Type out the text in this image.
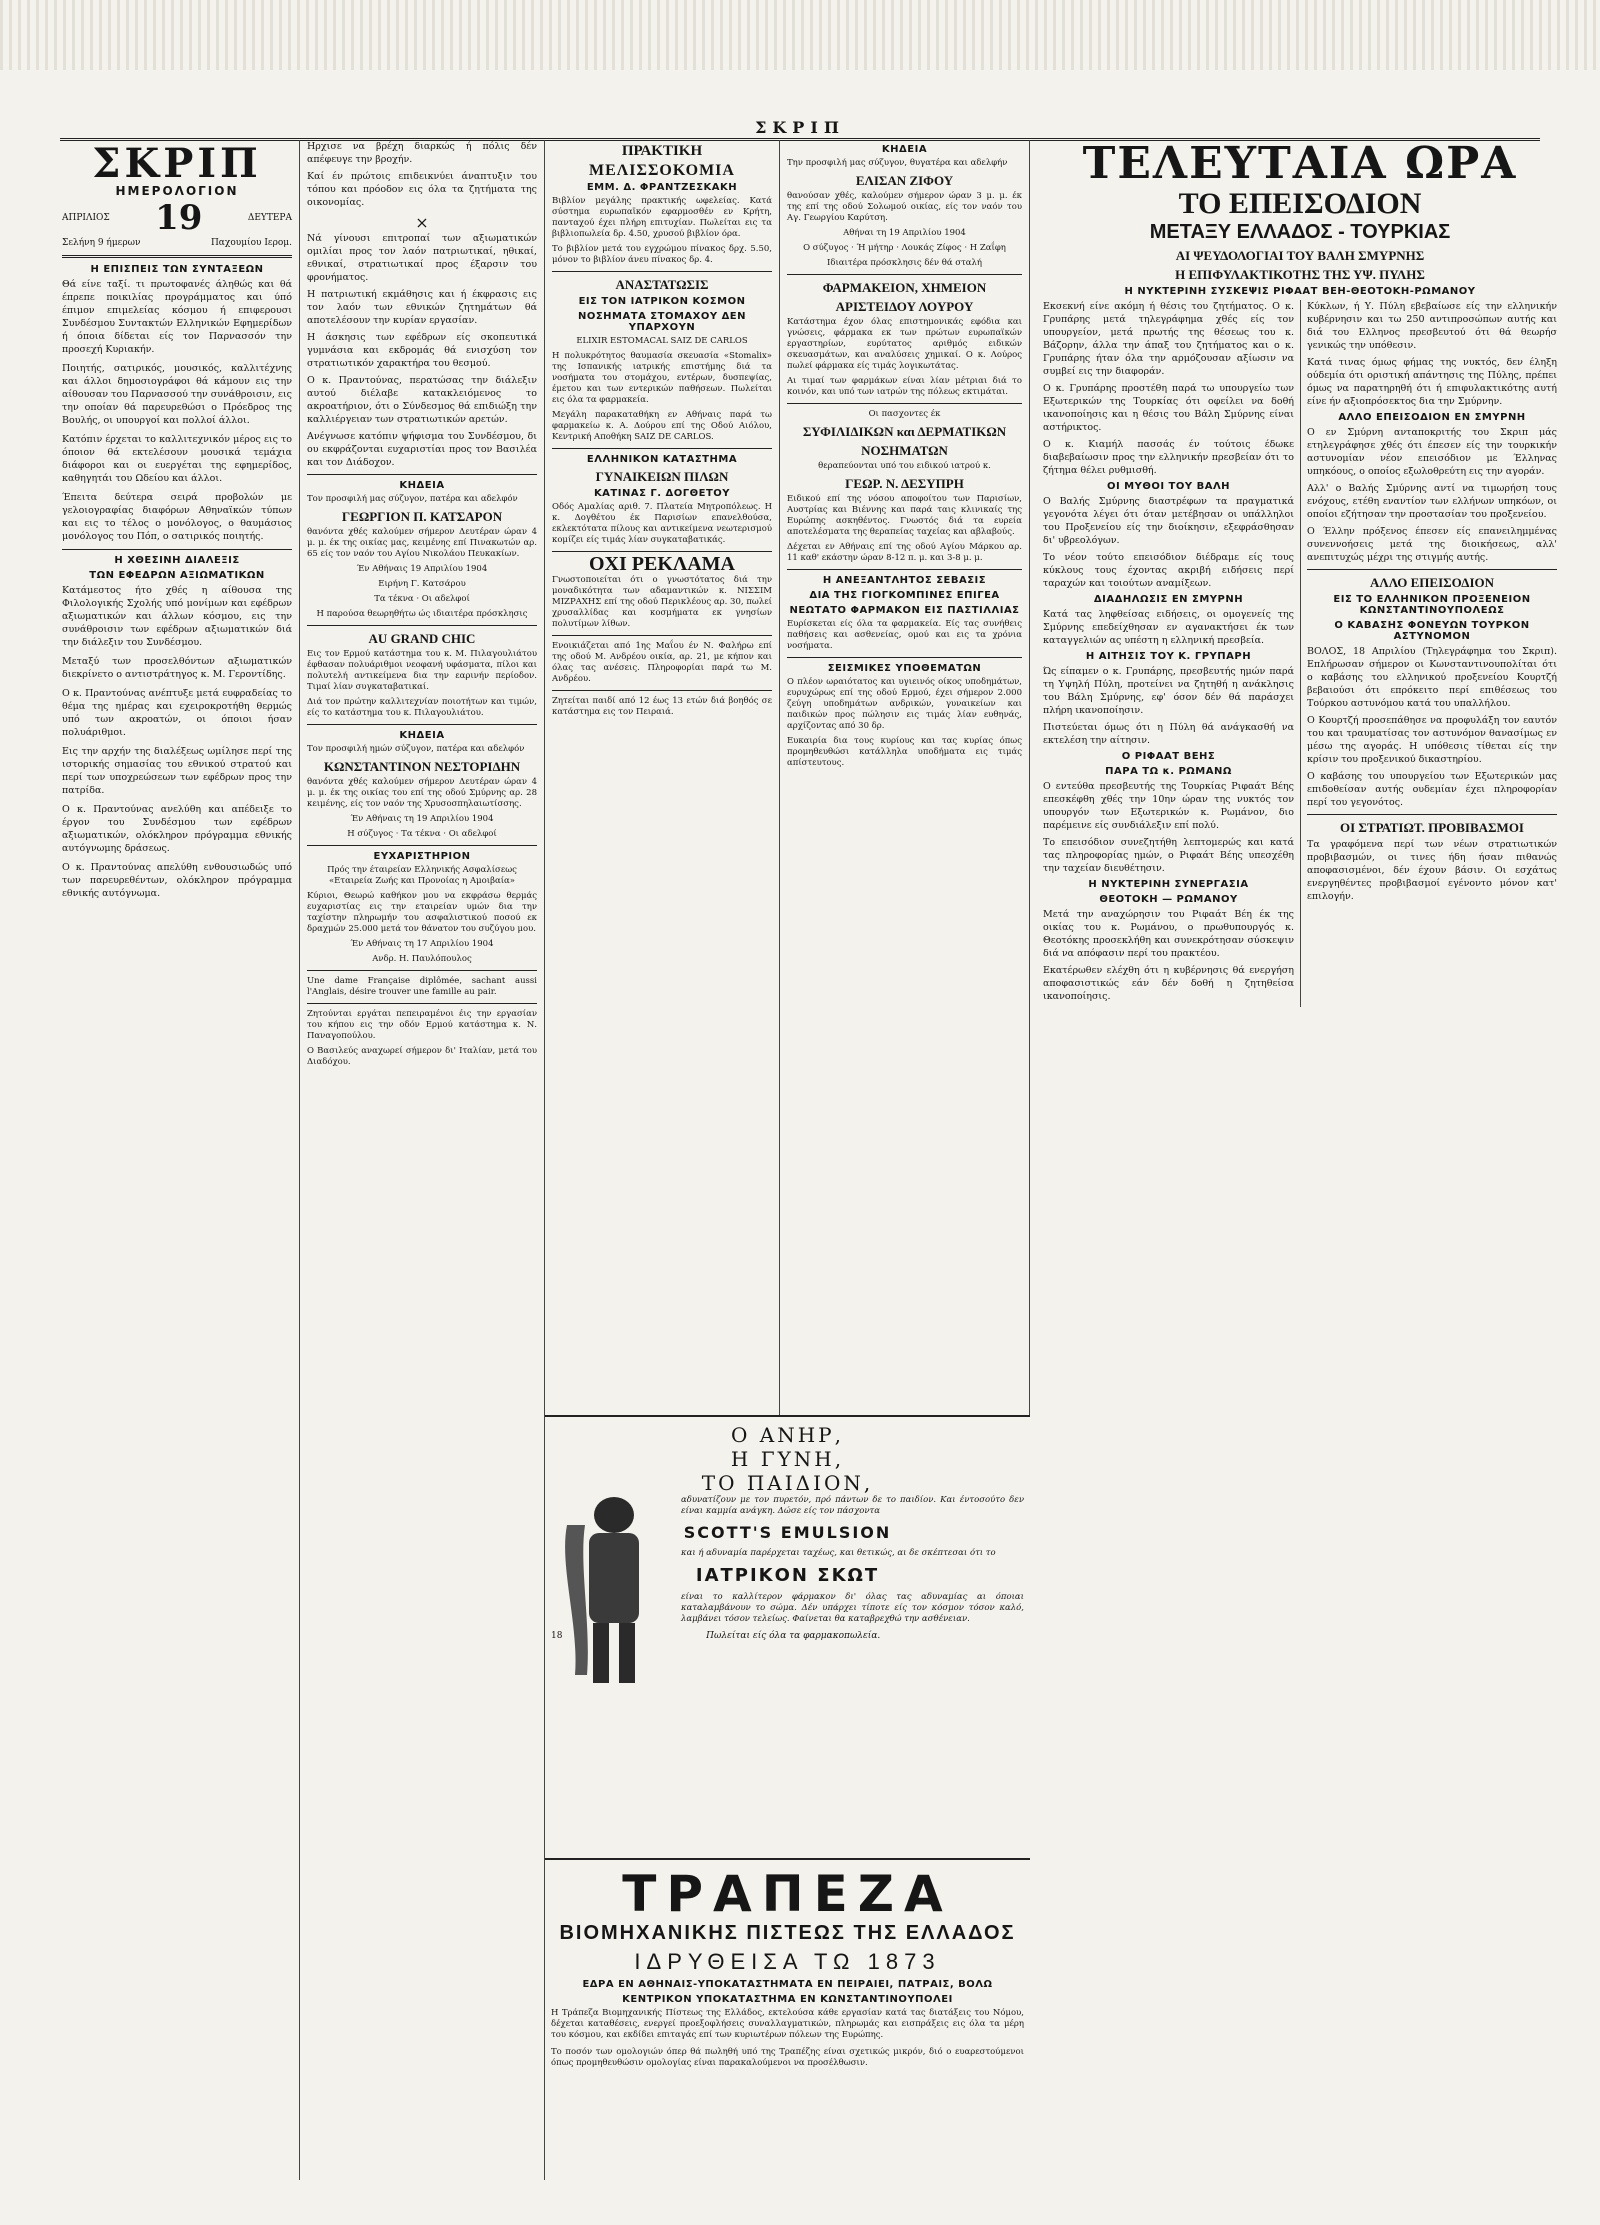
ΣΚΡΙΠ
ΣΚΡΙΠ
ΗΜΕΡΟΛΟΓΙΟΝ
ΑΠΡΙΛΙΟΣ 19	ΔΕΥΤΕΡΑ
Σελήνη 9 ήμερων	Παχουμίου Ιερομ.
Η ΕΠΙΣΠΕΙΣ ΤΩΝ ΣΥΝΤΑΞΕΩΝ

Θά είνε ταξί. τι πρωτοφανές άληθώς και θά έπρεπε ποικιλίας προγράμματος και ύπό έπιμον επιμελείας κόσμου ή επιφερουσι Συνδέσμου Συντακτών Ελληνικών Εφημερίδων ή όποια δίδεται είς τον Παρνασσόν την προσεχή Κυριακήν.

Ποιητής, σατιρικός, μουσικός, καλλιτέχνης και άλλοι δημοσιογράφοι θά κάμουν εις την αίθουσαν του Παρνασσού την συνάθροισιν, εις την οποίαν θά παρευρεθώσι ο Πρόεδρος της Βουλής, οι υπουργοί και πολλοί άλλοι.

Κατόπιν έρχεται το καλλιτεχνικόν μέρος εις το όποιον θά εκτελέσουν μουσικά τεμάχια διάφοροι και οι ευεργέται της εφημερίδος, καθηγητάι του Ωδείου και άλλοι.

Έπειτα δεύτερα σειρά προβολών με γελοιογραφίας διαφόρων Αθηναϊκών τύπων και εις το τέλος ο μονόλογος, ο θαυμάσιος μονόλογος του Πόπ, ο σατιρικός ποιητής.

Η ΧΘΕΣΙΝΗ ΔΙΑΛΕΞΙΣ
ΤΩΝ ΕΦΕΔΡΩΝ ΑΞΙΩΜΑΤΙΚΩΝ

Κατάμεστος ήτο χθές η αίθουσα της Φιλολογικής Σχολής υπό μονίμων και εφέδρων αξιωματικών και άλλων κόσμου, εις την συνάθροισιν των εφέδρων αξιωματικών διά την διάλεξιν του Συνδέσμου.

Μεταξύ των προσελθόντων αξιωματικών διεκρίνετο ο αντιστράτηγος κ. Μ. Γεροντίδης.

Ο κ. Πραντούνας ανέπτυξε μετά ευφραδείας το θέμα της ημέρας και εχειροκροτήθη θερμώς υπό των ακροατών, οι όποιοι ήσαν πολυάριθμοι.

Εις την αρχήν της διαλέξεως ωμίλησε περί της ιστορικής σημασίας του εθνικού στρατού και περί των υποχρεώσεων των εφέδρων προς την πατρίδα.

Ο κ. Πραντούνας ανελύθη και απέδειξε το έργον του Συνδέσμου των εφέδρων αξιωματικών, ολόκληρον πρόγραμμα εθνικής αυτόγνωμης δράσεως.

Ο κ. Πραντούνας απελύθη ενθουσιωδώς υπό των παρευρεθέντων, ολόκληρον πρόγραμμα εθνικής αυτόγνωμα.

Ηρχισε να βρέχη διαρκώς ή πόλις δέν απέφευγε την βροχήν.

Καί έν πρώτοις επιδεικνύει άναπτυξιν του τόπου και πρόοδον εις όλα τα ζητήματα της οικονομίας.

×

Νά γίνουσι επιτροπαί των αξιωματικών ομιλίαι προς τον λαόν πατριωτικαί, ηθικαί, εθνικαί, στρατιωτικαί προς έξαρσιν του φρονήματος.

Η πατριωτική εκμάθησις και ή έκφρασις εις τον λαόν των εθνικών ζητημάτων θά αποτελέσουν την κυρίαν εργασίαν.

Η άσκησις των εφέδρων είς σκοπευτικά γυμνάσια και εκδρομάς θά ενισχύση τον στρατιωτικόν χαρακτήρα του θεσμού.

Ο κ. Πραντούνας, περατώσας την διάλεξιν αυτού διέλαβε κατακλειόμενος το ακροατήριον, ότι ο Σύνδεσμος θά επιδιώξη την καλλιέργειαν των στρατιωτικών αρετών.

Ανέγνωσε κατόπιν ψήφισμα του Συνδέσμου, δι ου εκφράζονται ευχαριστίαι προς τον Βασιλέα και τον Διάδοχον.

ΚΗΔΕΙΑ

Τον προσφιλή μας σύζυγον, πατέρα και αδελφόν

ΓΕΩΡΓΙΟΝ Π. ΚΑΤΣΑΡΟΝ

θανόντα χθές καλούμεν σήμερον Δευτέραν ώραν 4 μ. μ. έκ της οικίας μας, κειμένης επί Πινακωτών αρ. 65 είς τον ναόν του Αγίου Νικολάου Πευκακίων.

Έν Αθήναις 19 Απριλίου 1904

Ειρήνη Γ. Κατσάρου

Τα τέκνα · Οι αδελφοί

Η παρούσα θεωρηθήτω ώς ιδιαιτέρα πρόσκλησις

AU GRAND CHIC

Εις τον Ερμού κατάστημα του κ. Μ. Πιλαγουλιάτου έφθασαν πολυάριθμοι νεοφανή υφάσματα, πίλοι και πολυτελή αντικείμενα δια την εαρινήν περίοδον. Τιμαί λίαν συγκαταβατικαί.

Διά τον πρώτην καλλιτεχνίαν ποιοτήτων και τιμών, είς το κατάστημα του κ. Πιλαγουλιάτου.

ΚΗΔΕΙΑ

Τον προσφιλή ημών σύζυγον, πατέρα και αδελφόν

ΚΩΝΣΤΑΝΤΙΝΟΝ ΝΕΣΤΟΡΙΔΗΝ

θανόντα χθές καλούμεν σήμερον Δευτέραν ώραν 4 μ. μ. έκ της οικίας του επί της οδού Σμύρνης αρ. 28 κειμένης, είς τον ναόν της Χρυσοσπηλαιωτίσσης.

Έν Αθήναις τη 19 Απριλίου 1904

Η σύζυγος · Τα τέκνα · Οι αδελφοί

ΕΥΧΑΡΙΣΤΗΡΙΟΝ

Πρός την έταιρείαν Ελληνικής Ασφαλίσεως «Εταιρεία Ζωής και Προνοίας η Αμοιβαία»

Κύριοι, Θεωρώ καθήκον μου να εκφράσω θερμάς ευχαριστίας εις την εταιρείαν υμών δια την ταχίστην πληρωμήν του ασφαλιστικού ποσού εκ δραχμών 25.000 μετά τον θάνατον του συζύγου μου.

Έν Αθήναις τη 17 Απριλίου 1904

Ανδρ. Η. Παυλόπουλος

Une dame Française diplômée, sachant aussi l'Anglais, désire trouver une famille au pair.

Ζητούνται εργάται πεπειραμένοι έις την εργασίαν του κήπου εις την οδόν Ερμού κατάστημα κ. Ν. Παναγοπούλου.

Ο Βασιλεύς αναχωρεί σήμερον δι' Ιταλίαν, μετά του Διαδόχου.

ΠΡΑΚΤΙΚΗ
ΜΕΛΙΣΣΟΚΟΜΙΑ
ΕΜΜ. Δ. ΦΡΑΝΤΖΕΣΚΑΚΗ

Βιβλίον μεγάλης πρακτικής ωφελείας. Κατά σύστημα ευρωπαϊκόν εφαρμοσθέν εν Κρήτη, πανταχού έχει πλήρη επιτυχίαν. Πωλείται εις τα βιβλιοπωλεία δρ. 4.50, χρυσού βιβλίον όρα.

Το βιβλίον μετά του εγχρώμου πίνακος δρχ. 5.50, μόνον το βιβλίον άνευ πίνακος δρ. 4.

ΑΝΑΣΤΑΤΩΣΙΣ
ΕΙΣ ΤΟΝ ΙΑΤΡΙΚΟΝ ΚΟΣΜΟΝ
ΝΟΣΗΜΑΤΑ ΣΤΟΜΑΧΟΥ ΔΕΝ ΥΠΑΡΧΟΥΝ

ELIXIR ESTOMACAL SAIZ DE CARLOS

Η πολυκρότητος θαυμασία σκευασία «Stomalix» της Ισπανικής ιατρικής επιστήμης διά τα νοσήματα του στομάχου, εντέρων, δυσπεψίας, έμετου και των εντερικών παθήσεων. Πωλείται εις όλα τα φαρμακεία.

Μεγάλη παρακαταθήκη εν Αθήναις παρά τω φαρμακείω κ. Α. Δούρου επί της Οδού Αιόλου, Κεντρική Αποθήκη SAIZ DE CARLOS.

ΕΛΛΗΝΙΚΟΝ ΚΑΤΑΣΤΗΜΑ
ΓΥΝΑΙΚΕΙΩΝ ΠΙΛΩΝ
ΚΑΤΙΝΑΣ Γ. ΔΟΓΘΕΤΟΥ

Οδός Αμαλίας αριθ. 7. Πλατεία Μητροπόλεως. Η κ. Δογθέτου έκ Παρισίων επανελθούσα, εκλεκτότατα πίλους και αντικείμενα νεωτερισμού κομίζει είς τιμάς λίαν συγκαταβατικάς.

ΟΧΙ ΡΕΚΛΑΜΑ

Γνωστοποιείται ότι ο γνωστότατος διά την μοναδικότητα των αδαμαντικών κ. ΝΙΣΣΙΜ ΜΙΖΡΑΧΗΣ επί της οδού Περικλέους αρ. 30, πωλεί χρυσαλλίδας και κοσμήματα εκ γνησίων πολυτίμων λίθων.

Ενοικιάζεται από 1ης Μαΐου έν Ν. Φαλήρω επί της οδού Μ. Ανδρέου οικία, αρ. 21, με κήπον και όλας τας ανέσεις. Πληροφορίαι παρά τω Μ. Ανδρέου.

Ζητείται παιδί από 12 έως 13 ετών διά βοηθός σε κατάστημα εις τον Πειραιά.

ΚΗΔΕΙΑ

Την προσφιλή μας σύζυγον, θυγατέρα και αδελφήν

ΕΛΙΣΑΝ ΖΙΦΟΥ

θανούσαν χθές, καλούμεν σήμερον ώραν 3 μ. μ. έκ της επί της οδού Σολωμού οικίας, είς τον ναόν του Αγ. Γεωργίου Καρύτση.

Αθήναι τη 19 Απριλίου 1904

Ο σύζυγος · Ή μήτηρ · Λουκάς Ζίφος · Η Ζαΐφη

Ιδιαιτέρα πρόσκλησις δέν θά σταλή

ΦΑΡΜΑΚΕΙΟΝ, ΧΗΜΕΙΟΝ
ΑΡΙΣΤΕΙΔΟΥ ΛΟΥΡΟΥ

Κατάστημα έχον όλας επιστημονικάς εφόδια και γνώσεις, φάρμακα εκ των πρώτων ευρωπαϊκών εργαστηρίων, ευρύτατος αριθμός ειδικών σκευασμάτων, και αναλύσεις χημικαί. Ο κ. Λούρος πωλεί φάρμακα είς τιμάς λογικωτάτας.

Αι τιμαί των φαρμάκων είναι λίαν μέτριαι διά το κοινόν, και υπό των ιατρών της πόλεως εκτιμάται.

Οι πασχοντες έκ

ΣΥΦΙΛΙΔΙΚΩΝ και ΔΕΡΜΑΤΙΚΩΝ
ΝΟΣΗΜΑΤΩΝ

θεραπεύονται υπό του ειδικού ιατρού κ.

ΓΕΩΡ. Ν. ΔΕΣΥΠΡΗ

Ειδικού επί της νόσου αποφοίτου των Παρισίων, Αυστρίας και Βιέννης και παρά ταις κλινικαίς της Ευρώπης ασκηθέντος. Γνωστός διά τα ευρεία αποτελέσματα της θεραπείας ταχείας και αβλαβούς.

Δέχεται εν Αθήναις επί της οδού Αγίου Μάρκου αρ. 11 καθ' εκάστην ώραν 8-12 π. μ. και 3-8 μ. μ.

Η ΑΝΕΞΑΝΤΛΗΤΟΣ ΣΕΒΑΣΙΣ
ΔΙΑ ΤΗΣ ΓΙΟΓΚΟΜΠΙΝΕΣ ΕΠΙΓΕΑ
ΝΕΩΤΑΤΟ ΦΑΡΜΑΚΟΝ ΕΙΣ ΠΑΣΤΙΛΛΙΑΣ

Ευρίσκεται είς όλα τα φαρμακεία. Είς τας συνήθεις παθήσεις και ασθενείας, ομού και εις τα χρόνια νοσήματα.

ΣΕΙΣΜΙΚΕΣ ΥΠΟΘΕΜΑΤΩΝ

Ο πλέον ωραιότατος και υγιεινός οίκος υποδημάτων, ευρυχώρως επί της οδού Ερμού, έχει σήμερον 2.000 ζεύγη υποδημάτων ανδρικών, γυναικείων και παιδικών προς πώλησιν εις τιμάς λίαν ευθηνάς, αρχίζοντας από 30 δρ.

Ευκαιρία δια τους κυρίους και τας κυρίας όπως προμηθευθώσι κατάλληλα υποδήματα εις τιμάς απίστευτους.

Ο ΑΝΗΡ,
Η ΓΥΝΗ,
ΤΟ ΠΑΙΔΙΟΝ,

αδυνατίζουν με τον πυρετόν, πρό πάντων δε το παιδίον. Και έντοσούτο δεν είναι καμμία ανάγκη. Δώσε είς τον πάσχοντα

SCOTT'S EMULSION

και ή αδυναμία παρέρχεται ταχέως, και θετικώς, αι δε σκέπτεσαι ότι το

ΙΑΤΡΙΚΟΝ ΣΚΩΤ

είναι το καλλίτερον φάρμακον δι' όλας τας αδυναμίας αι όποιαι καταλαμβάνουν το σώμα. Δέν υπάρχει τίποτε είς τον κόσμον τόσον καλό, λαμβάνει τόσον τελείως. Φαίνεται θα καταβρεχθώ την ασθένειαν.

18	Πωλείται είς όλα τα φαρμακοπωλεία.
ΤΡΑΠΕΖΑ
ΒΙΟΜΗΧΑΝΙΚΗΣ ΠΙΣΤΕΩΣ ΤΗΣ ΕΛΛΑΔΟΣ
ΙΔΡΥΘΕΙΣΑ ΤΩ 1873
ΕΔΡΑ ΕΝ ΑΘΗΝΑΙΣ-ΥΠΟΚΑΤΑΣΤΗΜΑΤΑ ΕΝ ΠΕΙΡΑΙΕΙ, ΠΑΤΡΑΙΣ, ΒΟΛΩ
ΚΕΝΤΡΙΚΟΝ ΥΠΟΚΑΤΑΣΤΗΜΑ ΕΝ ΚΩΝΣΤΑΝΤΙΝΟΥΠΟΛΕΙ

Η Τράπεζα Βιομηχανικής Πίστεως της Ελλάδος, εκτελούσα κάθε εργασίαν κατά τας διατάξεις του Νόμου, δέχεται καταθέσεις, ενεργεί προεξοφλήσεις συναλλαγματικών, πληρωμάς και εισπράξεις εις όλα τα μέρη του κόσμου, και εκδίδει επιταγάς επί των κυριωτέρων πόλεων της Ευρώπης.

Το ποσόν των ομολογιών όπερ θά πωληθή υπό της Τραπέζης είναι σχετικώς μικρόν, διό ο ευαρεστούμενοι όπως προμηθευθώσιν ομολογίας είναι παρακαλούμενοι να προσέλθωσιν.

ΤΕΛΕΥΤΑΙΑ ΩΡΑ
ΤΟ ΕΠΕΙΣΟΔΙΟΝ
ΜΕΤΑΞΥ ΕΛΛΑΔΟΣ - ΤΟΥΡΚΙΑΣ
ΑΙ ΨΕΥΔΟΛΟΓΙΑΙ ΤΟΥ ΒΑΛΗ ΣΜΥΡΝΗΣ
Η ΕΠΙΦΥΛΑΚΤΙΚΟΤΗΣ ΤΗΣ ΥΨ. ΠΥΛΗΣ
Η ΝΥΚΤΕΡΙΝΗ ΣΥΣΚΕΨΙΣ ΡΙΦΑΑΤ ΒΕΗ-ΘΕΟΤΟΚΗ-ΡΩΜΑΝΟΥ

Εκσεκνή είνε ακόμη ή θέσις του ζητήματος. Ο κ. Γρυπάρης μετά τηλεγράφημα χθές είς τον υπουργείον, μετά πρωτής της θέσεως του κ. Βάζορην, άλλα την άπαξ του ζητήματος και ο κ. Γρυπάρης ήταν όλα την αρμόζουσαν αξίωσιν να συμβεί εις την διαφοράν.

Ο κ. Γρυπάρης προστέθη παρά τω υπουργείω των Εξωτερικών της Τουρκίας ότι οφείλει να δοθή ικανοποίησις και η θέσις του Βάλη Σμύρνης είναι αστήρικτος.

Ο κ. Κιαμήλ πασσάς έν τούτοις έδωκε διαβεβαίωσιν προς την ελληνικήν πρεσβείαν ότι το ζήτημα θέλει ρυθμισθή.

ΟΙ ΜΥΘΟΙ ΤΟΥ ΒΑΛΗ

Ο Βαλής Σμύρνης διαστρέφων τα πραγματικά γεγονότα λέγει ότι όταν μετέβησαν οι υπάλληλοι του Προξενείου είς την διοίκησιν, εξεφράσθησαν δι' υβρεολόγων.

Το νέον τούτο επεισόδιον διέδραμε είς τους κύκλους τους έχοντας ακριβή ειδήσεις περί ταραχών και τοιούτων αναμίξεων.

ΔΙΑΔΗΛΩΣΙΣ ΕΝ ΣΜΥΡΝΗ

Κατά τας ληφθείσας ειδήσεις, οι ομογενείς της Σμύρνης επεδείχθησαν εν αγανακτήσει έκ των καταγγελιών ας υπέστη η ελληνική πρεσβεία.

Η ΑΙΤΗΣΙΣ ΤΟΥ Κ. ΓΡΥΠΑΡΗ

Ώς είπαμεν ο κ. Γρυπάρης, πρεσβευτής ημών παρά τη Υψηλή Πύλη, προτείνει να ζητηθή η ανάκλησις του Βάλη Σμύρνης, εφ' όσον δέν θά παράσχει πλήρη ικανοποίησιν.

Πιστεύεται όμως ότι η Πύλη θά ανάγκασθή να εκτελέση την αίτησιν.

Ο ΡΙΦΑΑΤ ΒΕΗΣ
ΠΑΡΑ ΤΩ κ. ΡΩΜΑΝΩ

Ο εντεύθα πρεσβευτής της Τουρκίας Ριφαάτ Βέης επεσκέφθη χθές την 10ην ώραν της νυκτός τον υπουργόν των Εξωτερικών κ. Ρωμάνον, διο παρέμεινε είς συνδιάλεξιν επί πολύ.

Το επεισόδιον συνεζητήθη λεπτομερώς και κατά τας πληροφορίας ημών, ο Ριφαάτ Βέης υπεσχέθη την ταχείαν διευθέτησιν.

Η ΝΥΚΤΕΡΙΝΗ ΣΥΝΕΡΓΑΣΙΑ
ΘΕΟΤΟΚΗ — ΡΩΜΑΝΟΥ

Μετά την αναχώρησιν του Ριφαάτ Βέη έκ της οικίας του κ. Ρωμάνου, ο πρωθυπουργός κ. Θεοτόκης προσεκλήθη και συνεκρότησαν σύσκεψιν διά να απόφασιν περί του πρακτέου.

Εκατέρωθεν ελέχθη ότι η κυβέρνησις θά ενεργήση αποφασιστικώς εάν δέν δοθή η ζητηθείσα ικανοποίησις.

Κύκλων, ή Υ. Πύλη εβεβαίωσε είς την ελληνικήν κυβέρνησιν και τω 250 αντιπροσώπων αυτής και διά του Ελληνος πρεσβευτού ότι θά θεωρήσ γενικώς την υπόθεσιν.

Κατά τινας όμως φήμας της νυκτός, δεν έληξη ούδεμία ότι οριστική απάντησις της Πύλης, πρέπει όμως να παρατηρηθή ότι ή επιφυλακτικότης αυτή είνε ήν αξιοπρόσεκτος δια την Σμύρνην.

ΑΛΛΟ ΕΠΕΙΣΟΔΙΟΝ ΕΝ ΣΜΥΡΝΗ

Ο εν Σμύρνη ανταποκριτής του Σκριπ μάς ετηλεγράφησε χθές ότι έπεσεν είς την τουρκικήν αστυνομίαν νέον επεισόδιον με Έλληνας υπηκόους, ο οποίος εξωλοθρεύτη εις την αγοράν.

Αλλ' ο Βαλής Σμύρνης αντί να τιμωρήση τους ενόχους, ετέθη εναντίον των ελλήνων υπηκόων, οι οποίοι εζήτησαν την προστασίαν του προξενείου.

Ο Έλλην πρόξενος έπεσεν είς επανειλημμένας συνεννοήσεις μετά της διοικήσεως, αλλ' ανεπιτυχώς μέχρι της στιγμής αυτής.

ΑΛΛΟ ΕΠΕΙΣΟΔΙΟΝ
ΕΙΣ ΤΟ ΕΛΛΗΝΙΚΟΝ ΠΡΟΞΕΝΕΙΟΝ ΚΩΝΣΤΑΝΤΙΝΟΥΠΟΛΕΩΣ
Ο ΚΑΒΑΣΗΣ ΦΟΝΕΥΩΝ ΤΟΥΡΚΟΝ ΑΣΤΥΝΟΜΟΝ

ΒΟΛΟΣ, 18 Απριλίου (Τηλεγράφημα του Σκριπ). Επλήρωσαν σήμερον οι Κωνσταντινουπολίται ότι ο καβάσης του ελληνικού προξενείου Κουρτζή βεβαιούσι ότι επρόκειτο περί επιθέσεως του Τούρκου αστυνόμου κατά του υπαλλήλου.

Ο Κουρτζή προσεπάθησε να προφυλάξη τον εαυτόν του και τραυματίσας τον αστυνόμον θανασίμως εν μέσω της αγοράς. Η υπόθεσις τίθεται είς την κρίσιν του προξενικού δικαστηρίου.

Ο καβάσης του υπουργείου των Εξωτερικών μας επιδοθείσαν αυτής ουδεμίαν έχει πληροφορίαν περί του γεγονότος.

ΟΙ ΣΤΡΑΤΙΩΤ. ΠΡΟΒΙΒΑΣΜΟΙ

Τα γραφόμενα περί των νέων στρατιωτικών προβιβασμών, οι τινες ήδη ήσαν πιθανώς αποφασισμένοι, δέν έχουν βάσιν. Οι εσχάτως ενεργηθέντες προβιβασμοί εγένοντο μόνον κατ' επιλογήν.
